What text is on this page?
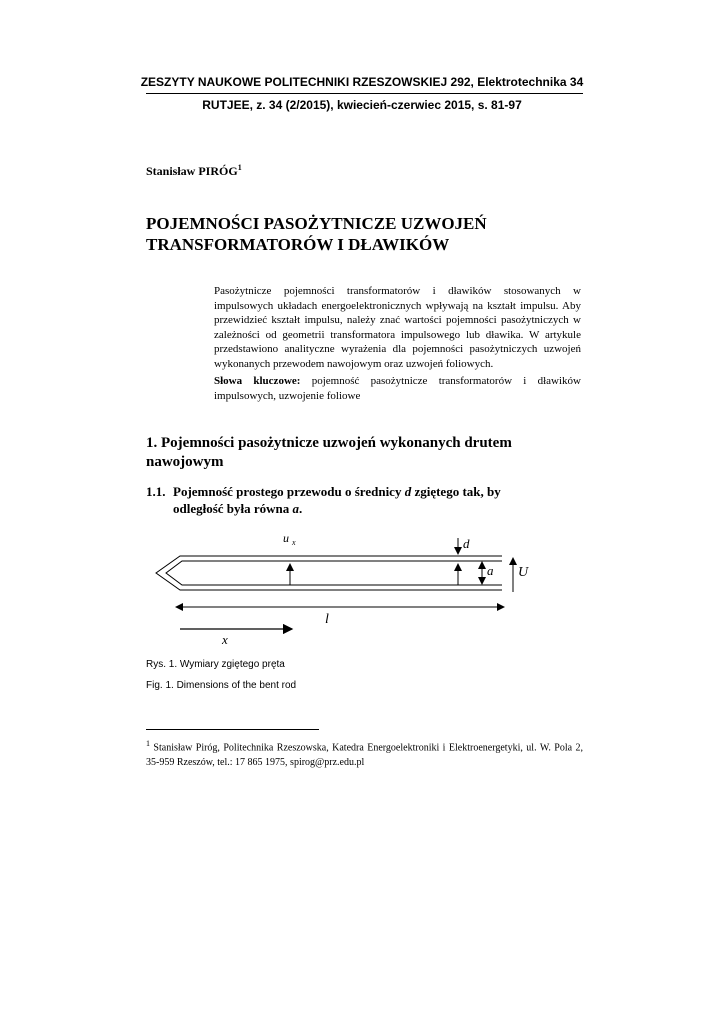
ZESZYTY NAUKOWE POLITECHNIKI RZESZOWSKIEJ 292, Elektrotechnika 34
RUTJEE, z. 34 (2/2015), kwiecień-czerwiec 2015, s. 81-97
Stanisław PIRÓG$^1$
POJEMNOŚCI PASOŻYTNICZE UZWOJEŃ
TRANSFORMATORÓW I DŁAWIKÓW
Pasożytnicze pojemności transformatorów i dławików stosowanych w impulsowych układach energoelektronicznych wpływają na kształt impulsu. Aby przewidzieć kształt impulsu, należy znać wartości pojemności pasożytniczych w zależności od geometrii transformatora impulsowego lub dławika. W artykule przedstawiono analityczne wyrażenia dla pojemności pasożytniczych uzwojeń wykonanych przewodem nawojowym oraz uzwojeń foliowych.
Słowa kluczowe: pojemność pasożytnicze transformatorów i dławików impulsowych, uzwojenie foliowe
1. Pojemności pasożytnicze uzwojeń wykonanych drutem nawojowym
1.1. Pojemność prostego przewodu o średnicy d zgiętego tak, by
odległość była równa a.
u x	d
a U
l
x
Rys. 1. Wymiary zgiętego pręta
Fig. 1. Dimensions of the bent rod
$^1$ Stanisław Piróg, Politechnika Rzeszowska, Katedra Energoelektroniki i Elektroenergetyki, ul. W. Pola 2, 35-959 Rzeszów, tel.: 17 865 1975, spirog@prz.edu.pl
